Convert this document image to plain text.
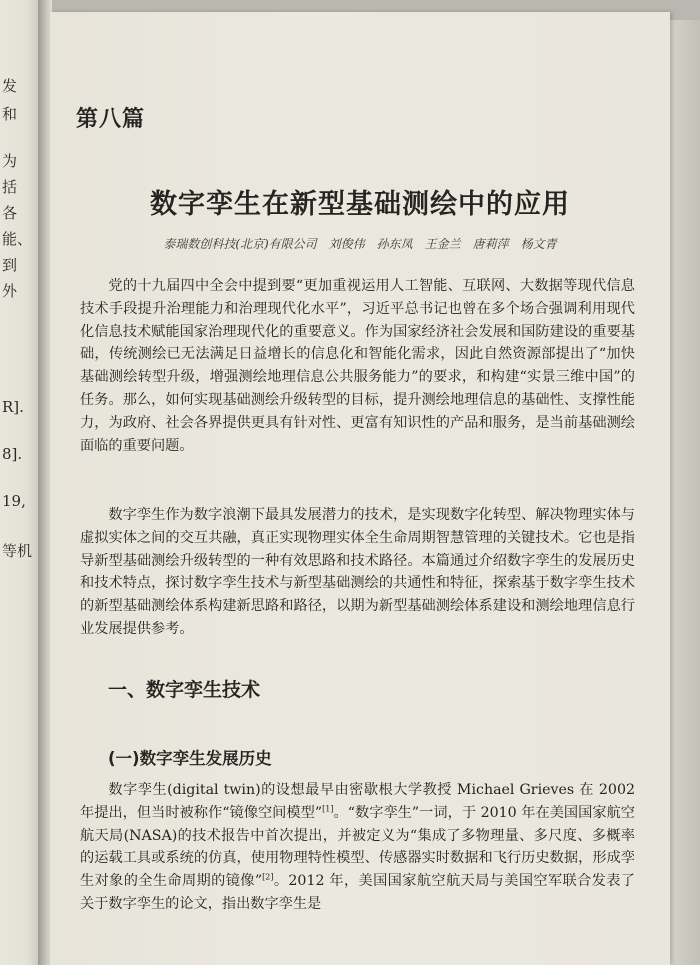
发
和
为
括
各
能、
到
外
R].
8].
19,
等机
第八篇
数字孪生在新型基础测绘中的应用
泰瑞数创科技(北京)有限公司　刘俊伟　孙东凤　王金兰　唐莉萍　杨文青

党的十九届四中全会中提到要“更加重视运用人工智能、互联网、大数据等现代信息技术手段提升治理能力和治理现代化水平”，习近平总书记也曾在多个场合强调利用现代化信息技术赋能国家治理现代化的重要意义。作为国家经济社会发展和国防建设的重要基础，传统测绘已无法满足日益增长的信息化和智能化需求，因此自然资源部提出了“加快基础测绘转型升级，增强测绘地理信息公共服务能力”的要求，和构建“实景三维中国”的任务。那么，如何实现基础测绘升级转型的目标，提升测绘地理信息的基础性、支撑性能力，为政府、社会各界提供更具有针对性、更富有知识性的产品和服务，是当前基础测绘面临的重要问题。

数字孪生作为数字浪潮下最具发展潜力的技术，是实现数字化转型、解决物理实体与虚拟实体之间的交互共融，真正实现物理实体全生命周期智慧管理的关键技术。它也是指导新型基础测绘升级转型的一种有效思路和技术路径。本篇通过介绍数字孪生的发展历史和技术特点，探讨数字孪生技术与新型基础测绘的共通性和特征，探索基于数字孪生技术的新型基础测绘体系构建新思路和路径，以期为新型基础测绘体系建设和测绘地理信息行业发展提供参考。

一、数字孪生技术
(一)数字孪生发展历史

数字孪生(digital twin)的设想最早由密歇根大学教授 Michael Grieves 在 2002 年提出，但当时被称作“镜像空间模型”[1]。“数字孪生”一词，于 2010 年在美国国家航空航天局(NASA)的技术报告中首次提出，并被定义为“集成了多物理量、多尺度、多概率的运载工具或系统的仿真，使用物理特性模型、传感器实时数据和飞行历史数据，形成孪生对象的全生命周期的镜像”[2]。2012 年，美国国家航空航天局与美国空军联合发表了关于数字孪生的论文，指出数字孪生是
